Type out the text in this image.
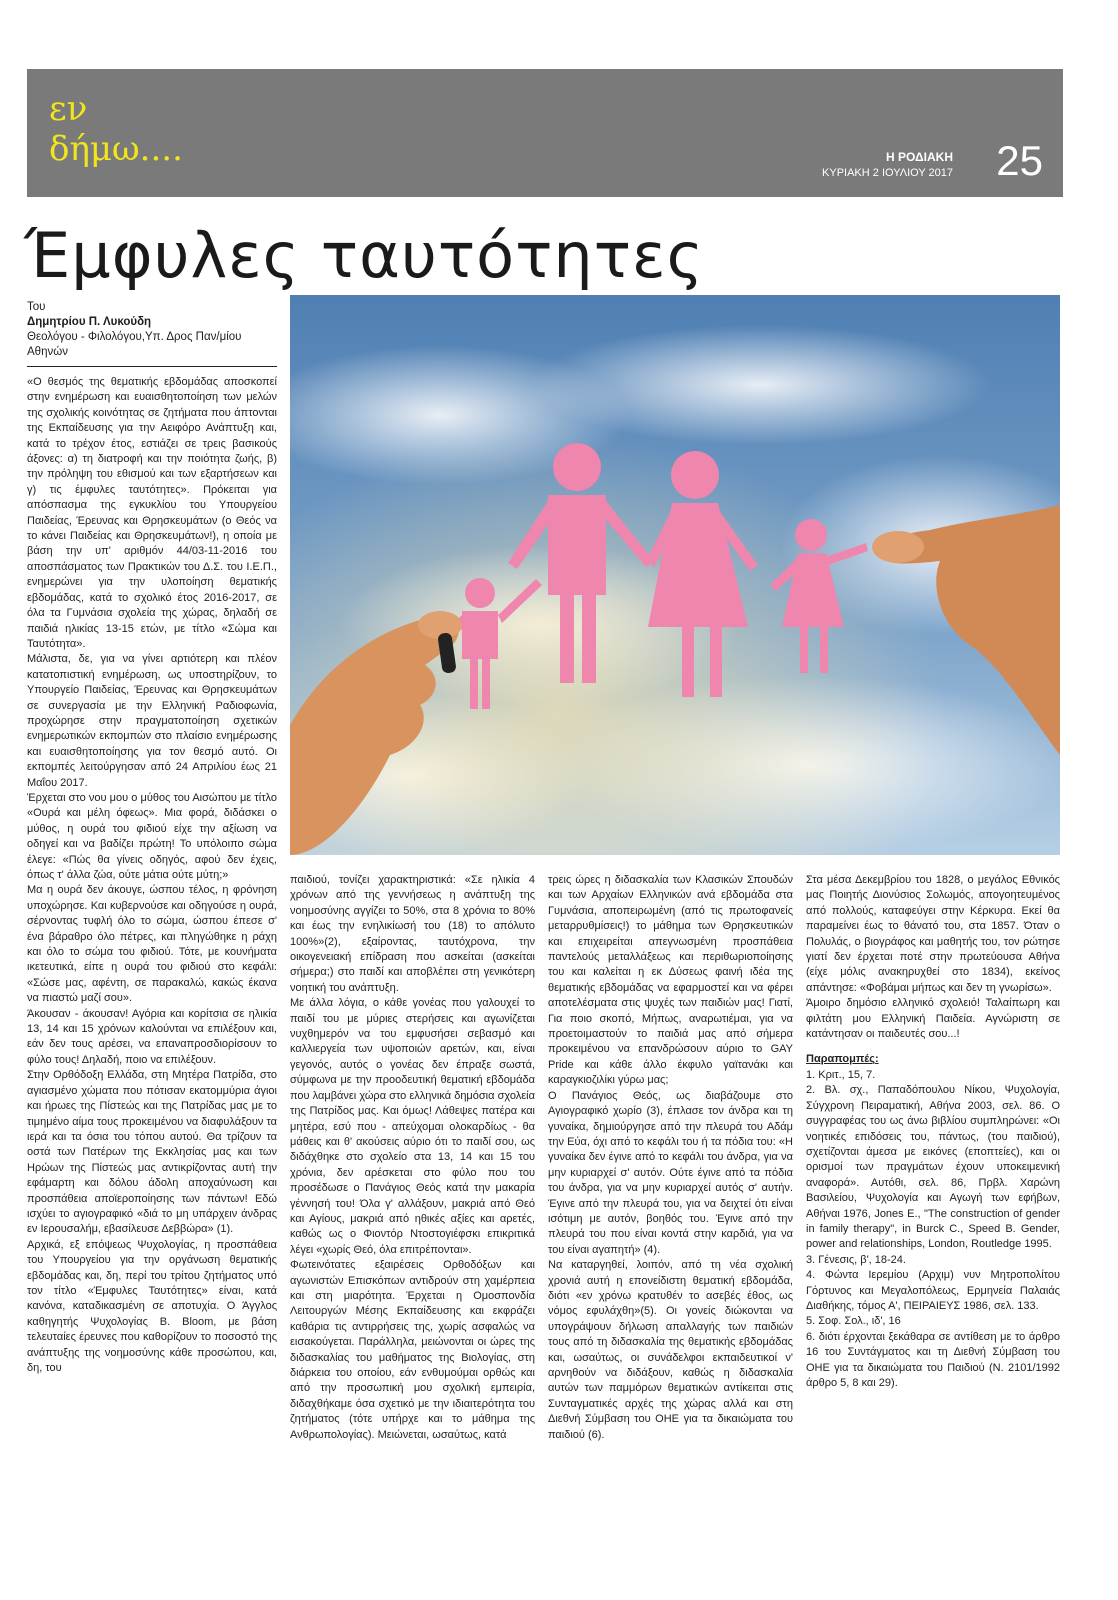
εν
δήμω....	Η ΡΟΔΙΑΚΗ
ΚΥΡΙΑΚΗ 2 ΙΟΥΛΙΟΥ 2017 25
Έμφυλες ταυτότητες
Του
Δημητρίου Π. Λυκούδη
Θεολόγου - Φιλολόγου,Υπ. Δρος Παν/μίου Αθηνών

«Ο θεσμός της θεματικής εβδομάδας αποσκοπεί στην ενημέρωση και ευαισθητοποίηση των μελών της σχολικής κοινότητας σε ζητήματα που άπτονται της Εκπαίδευσης για την Αειφόρο Ανάπτυξη και, κατά το τρέχον έτος, εστιάζει σε τρεις βασικούς άξονες: α) τη διατροφή και την ποιότητα ζωής, β) την πρόληψη του εθισμού και των εξαρτήσεων και γ) τις έμφυλες ταυτότητες». Πρόκειται για απόσπασμα της εγκυκλίου του Υπουργείου Παιδείας, Έρευνας και Θρησκευμάτων (ο Θεός να το κάνει Παιδείας και Θρησκευμάτων!), η οποία με βάση την υπ' αριθμόν 44/03-11-2016 του αποσπάσματος των Πρακτικών του Δ.Σ. του Ι.Ε.Π., ενημερώνει για την υλοποίηση θεματικής εβδομάδας, κατά το σχολικό έτος 2016-2017, σε όλα τα Γυμνάσια σχολεία της χώρας, δηλαδή σε παιδιά ηλικίας 13-15 ετών, με τίτλο «Σώμα και Ταυτότητα».

Μάλιστα, δε, για να γίνει αρτιότερη και πλέον κατατοπιστική ενημέρωση, ως υποστηρίζουν, το Υπουργείο Παιδείας, Έρευνας και Θρησκευμάτων σε συνεργασία με την Ελληνική Ραδιοφωνία, προχώρησε στην πραγματοποίηση σχετικών ενημερωτικών εκπομπών στο πλαίσιο ενημέρωσης και ευαισθητοποίησης για τον θεσμό αυτό. Οι εκπομπές λειτούργησαν από 24 Απριλίου έως 21 Μαΐου 2017.

Έρχεται στο νου μου ο μύθος του Αισώπου με τίτλο «Ουρά και μέλη όφεως». Μια φορά, διδάσκει ο μύθος, η ουρά του φιδιού είχε την αξίωση να οδηγεί και να βαδίζει πρώτη! Το υπόλοιπο σώμα έλεγε: «Πώς θα γίνεις οδηγός, αφού δεν έχεις, όπως τ' άλλα ζώα, ούτε μάτια ούτε μύτη;»

Μα η ουρά δεν άκουγε, ώσπου τέλος, η φρόνηση υποχώρησε. Και κυβερνούσε και οδηγούσε η ουρά, σέρνοντας τυφλή όλο το σώμα, ώσπου έπεσε σ' ένα βάραθρο όλο πέτρες, και πληγώθηκε η ράχη και όλο το σώμα του φιδιού. Τότε, με κουνήματα ικετευτικά, είπε η ουρά του φιδιού στο κεφάλι: «Σώσε μας, αφέντη, σε παρακαλώ, κακώς έκανα να πιαστώ μαζί σου».

Άκουσαν - άκουσαν! Αγόρια και κορίτσια σε ηλικία 13, 14 και 15 χρόνων καλούνται να επιλέξουν και, εάν δεν τους αρέσει, να επαναπροσδιορίσουν το φύλο τους! Δηλαδή, ποιο να επιλέξουν.

Στην Ορθόδοξη Ελλάδα, στη Μητέρα Πατρίδα, στο αγιασμένο χώματα που πότισαν εκατομμύρια άγιοι και ήρωες της Πίστεώς και της Πατρίδας μας με το τιμημένο αίμα τους προκειμένου να διαφυλάξουν τα ιερά και τα όσια του τόπου αυτού. Θα τρίζουν τα οστά των Πατέρων της Εκκλησίας μας και των Ηρώων της Πίστεώς μας αντικρίζοντας αυτή την εφάμαρτη και δόλου άδολη αποχαύνωση και προσπάθεια αποϊεροποίησης των πάντων! Εδώ ισχύει το αγιογραφικό «διά το μη υπάρχειν άνδρας εν Ιερουσαλήμ, εβασίλευσε Δεββώρα» (1).

Αρχικά, εξ επόψεως Ψυχολογίας, η προσπάθεια του Υπουργείου για την οργάνωση θεματικής εβδομάδας και, δη, περί του τρίτου ζητήματος υπό τον τίτλο «Έμφυλες Ταυτότητες» είναι, κατά κανόνα, καταδικασμένη σε αποτυχία. Ο Άγγλος καθηγητής Ψυχολογίας B. Bloom, με βάση τελευταίες έρευνες που καθορίζουν το ποσοστό της ανάπτυξης της νοημοσύνης κάθε προσώπου, και, δη, του

παιδιού, τονίζει χαρακτηριστικά: «Σε ηλικία 4 χρόνων από της γεννήσεως η ανάπτυξη της νοημοσύνης αγγίζει το 50%, στα 8 χρόνια το 80% και έως την ενηλικίωσή του (18) το απόλυτο 100%»(2), εξαίροντας, ταυτόχρονα, την οικογενειακή επίδραση που ασκείται (ασκείται σήμερα;) στο παιδί και αποβλέπει στη γενικότερη νοητική του ανάπτυξη.

Με άλλα λόγια, ο κάθε γονέας που γαλουχεί το παιδί του με μύριες στερήσεις και αγωνίζεται νυχθημερόν να του εμφυσήσει σεβασμό και καλλιεργεία των υψοποιών αρετών, και, είναι γεγονός, αυτός ο γονέας δεν έπραξε σωστά, σύμφωνα με την προοδευτική θεματική εβδομάδα που λαμβάνει χώρα στο ελληνικά δημόσια σχολεία της Πατρίδος μας. Και όμως! Λάθεψες πατέρα και μητέρα, εσύ που - απεύχομαι ολοκαρδίως - θα μάθεις και θ' ακούσεις αύριο ότι το παιδί σου, ως διδάχθηκε στο σχολείο στα 13, 14 και 15 του χρόνια, δεν αρέσκεται στο φύλο που του προσέδωσε ο Πανάγιος Θεός κατά την μακαρία γέννησή του! Όλα γ' αλλάξουν, μακριά από Θεό και Αγίους, μακριά από ηθικές αξίες και αρετές, καθώς ως ο Φιοντόρ Ντοστογιέφσκι επικριτικά λέγει «χωρίς Θεό, όλα επιτρέπονται».

Φωτεινότατες εξαιρέσεις Ορθοδόξων και αγωνιστών Επισκόπων αντιδρούν στη χαμέρπεια και στη μιαρότητα. Έρχεται η Ομοσπονδία Λειτουργών Μέσης Εκπαίδευσης και εκφράζει καθάρια τις αντιρρήσεις της, χωρίς ασφαλώς να εισακούγεται. Παράλληλα, μειώνονται οι ώρες της διδασκαλίας του μαθήματος της Βιολογίας, στη διάρκεια του οποίου, εάν ενθυμούμαι ορθώς και από την προσωπική μου σχολική εμπειρία, διδαχθήκαμε όσα σχετικό με την ιδιαιτερότητα του ζητήματος (τότε υπήρχε και το μάθημα της Ανθρωπολογίας). Μειώνεται, ωσαύτως, κατά

τρεις ώρες η διδασκαλία των Κλασικών Σπουδών και των Αρχαίων Ελληνικών ανά εβδομάδα στα Γυμνάσια, αποπειρωμένη (από τις πρωτοφανείς μεταρρυθμίσεις!) το μάθημα των Θρησκευτικών και επιχειρείται απεγνωσμένη προσπάθεια παντελούς μεταλλάξεως και περιθωριοποίησης του και καλείται η εκ Δύσεως φαινή ιδέα της θεματικής εβδομάδας να εφαρμοστεί και να φέρει αποτελέσματα στις ψυχές των παιδιών μας! Γιατί, Για ποιο σκοπό, Μήπως, αναρωτιέμαι, για να προετοιμαστούν το παιδιά μας από σήμερα προκειμένου να επανδρώσουν αύριο το GAY Pride και κάθε άλλο έκφυλο γαϊτανάκι και καραγκιοζιλίκι γύρω μας;

Ο Πανάγιος Θεός, ως διαβάζουμε στο Αγιογραφικό χωρίο (3), έπλασε τον άνδρα και τη γυναίκα, δημιούργησε από την πλευρά του Αδάμ την Εύα, όχι από το κεφάλι του ή τα πόδια του: «Η γυναίκα δεν έγινε από το κεφάλι του άνδρα, για να μην κυριαρχεί σ' αυτόν. Ούτε έγινε από τα πόδια του άνδρα, για να μην κυριαρχεί αυτός σ' αυτήν. Έγινε από την πλευρά του, για να δειχτεί ότι είναι ισότιμη με αυτόν, βοηθός του. Έγινε από την πλευρά του που είναι κοντά στην καρδιά, για να του είναι αγαπητή» (4).

Να καταργηθεί, λοιπόν, από τη νέα σχολική χρονιά αυτή η επονείδιστη θεματική εβδομάδα, διότι «εν χρόνω κρατυθέν το ασεβές έθος, ως νόμος εφυλάχθη»(5). Οι γονείς διώκονται να υπογράψουν δήλωση απαλλαγής των παιδιών τους από τη διδασκαλία της θεματικής εβδομάδας και, ωσαύτως, οι συνάδελφοι εκπαιδευτικοί ν' αρνηθούν να διδάξουν, καθώς η διδασκαλία αυτών των παμμόρων θεματικών αντίκειται στις Συνταγματικές αρχές της χώρας αλλά και στη Διεθνή Σύμβαση του ΟΗΕ για τα δικαιώματα του παιδιού (6).

Στα μέσα Δεκεμβρίου του 1828, ο μεγάλος Εθνικός μας Ποιητής Διονύσιος Σολωμός, απογοητευμένος από πολλούς, καταφεύγει στην Κέρκυρα. Εκεί θα παραμείνει έως το θάνατό του, στα 1857. Όταν ο Πολυλάς, ο βιογράφος και μαθητής του, τον ρώτησε γιατί δεν έρχεται ποτέ στην πρωτεύουσα Αθήνα (είχε μόλις ανακηρυχθεί στο 1834), εκείνος απάντησε: «Φοβάμαι μήπως και δεν τη γνωρίσω».

Άμοιρο δημόσιο ελληνικό σχολειό! Ταλαίπωρη και φιλτάτη μου Ελληνική Παιδεία. Αγνώριστη σε κατάντησαν οι παιδευτές σου...!

Παραπομπές:
1. Κριτ., 15, 7.
2. Βλ. σχ., Παπαδόπουλου Νίκου, Ψυχολογία, Σύγχρονη Πειραματική, Αθήνα 2003, σελ. 86. Ο συγγραφέας του ως άνω βιβλίου συμπληρώνει: «Οι νοητικές επιδόσεις του, πάντως, (του παιδιού), σχετίζονται άμεσα με εικόνες (εποπτείες), και οι ορισμοί των πραγμάτων έχουν υποκειμενική αναφορά». Αυτόθι, σελ. 86, Πρβλ. Χαρώνη Βασιλείου, Ψυχολογία και Αγωγή των εφήβων, Αθήναι 1976, Jones E., "The construction of gender in family therapy", in Burck C., Speed B. Gender, power and relationships, London, Routledge 1995.
3. Γένεσις, β', 18-24.
4. Φώντα Ιερεμίου (Αρχιμ) νυν Μητροπολίτου Γόρτυνος και Μεγαλοπόλεως, Ερμηνεία Παλαιάς Διαθήκης, τόμος Α', ΠΕΙΡΑΙΕΥΣ 1986, σελ. 133.
5. Σοφ. Σολ., ιδ', 16
6. διότι έρχονται ξεκάθαρα σε αντίθεση με το άρθρο 16 του Συντάγματος και τη Διεθνή Σύμβαση του ΟΗΕ για τα δικαιώματα του Παιδιού (Ν. 2101/1992 άρθρο 5, 8 και 29).
